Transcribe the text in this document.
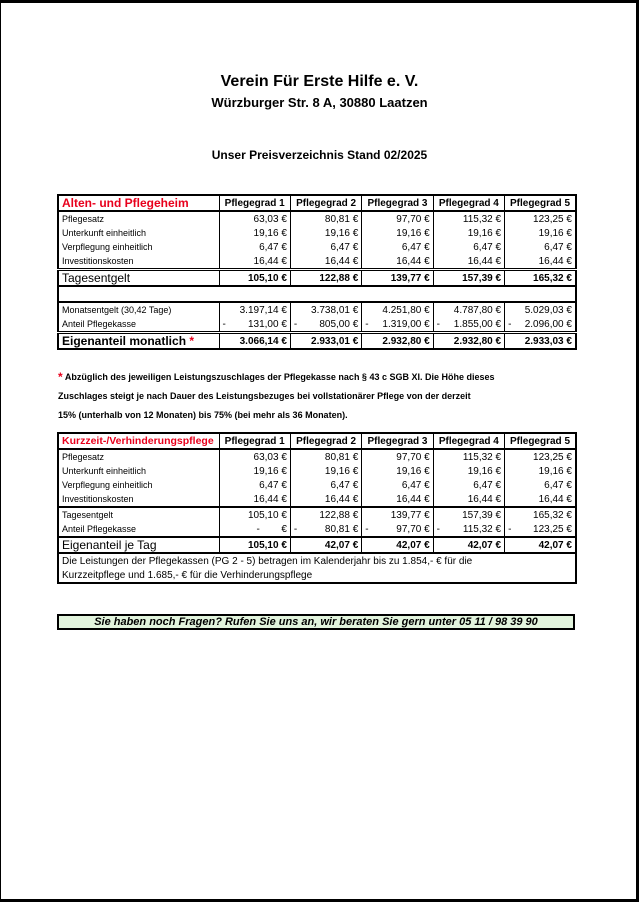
Verein Für Erste Hilfe e. V.
Würzburger Str. 8 A, 30880 Laatzen
Unser Preisverzeichnis Stand 02/2025
Alten- und Pflegeheim	Pflegegrad 1	Pflegegrad 2	Pflegegrad 3	Pflegegrad 4	Pflegegrad 5
Pflegesatz	63,03 €	80,81 €	97,70 €	115,32 €	123,25 €
Unterkunft einheitlich	19,16 €	19,16 €	19,16 €	19,16 €	19,16 €
Verpflegung einheitlich	6,47 €	6,47 €	6,47 €	6,47 €	6,47 €
Investitionskosten	16,44 €	16,44 €	16,44 €	16,44 €	16,44 €
Tagesentgelt	105,10 €	122,88 €	139,77 €	157,39 €	165,32 €

Monatsentgelt (30,42 Tage)	3.197,14 €	3.738,01 €	4.251,80 €	4.787,80 €	5.029,03 €
Anteil Pflegekasse	- 131,00 €	- 805,00 €	- 1.319,00 €	- 1.855,00 €	- 2.096,00 €
Eigenanteil monatlich *	3.066,14 €	2.933,01 €	2.932,80 €	2.932,80 €	2.933,03 €
* Abzüglich des jeweiligen Leistungszuschlages der Pflegekasse nach § 43 c SGB XI. Die Höhe dieses
Zuschlages steigt je nach Dauer des Leistungsbezuges bei vollstationärer Pflege von der derzeit
15% (unterhalb von 12 Monaten) bis 75% (bei mehr als 36 Monaten).
Kurzzeit-/Verhinderungspflege	Pflegegrad 1	Pflegegrad 2	Pflegegrad 3	Pflegegrad 4	Pflegegrad 5
Pflegesatz	63,03 €	80,81 €	97,70 €	115,32 €	123,25 €
Unterkunft einheitlich	19,16 €	19,16 €	19,16 €	19,16 €	19,16 €
Verpflegung einheitlich	6,47 €	6,47 €	6,47 €	6,47 €	6,47 €
Investitionskosten	16,44 €	16,44 €	16,44 €	16,44 €	16,44 €
Tagesentgelt	105,10 €	122,88 €	139,77 €	157,39 €	165,32 €
Anteil Pflegekasse	- €	- 80,81 €	- 97,70 €	- 115,32 €	- 123,25 €
Eigenanteil je Tag	105,10 €	42,07 €	42,07 €	42,07 €	42,07 €
Die Leistungen der Pflegekassen (PG 2 - 5) betragen im Kalenderjahr bis zu 1.854,- € für die					
Kurzzeitpflege und 1.685,- € für die Verhinderungspflege					
Sie haben noch Fragen? Rufen Sie uns an, wir beraten Sie gern unter 05 11 / 98 39 90
